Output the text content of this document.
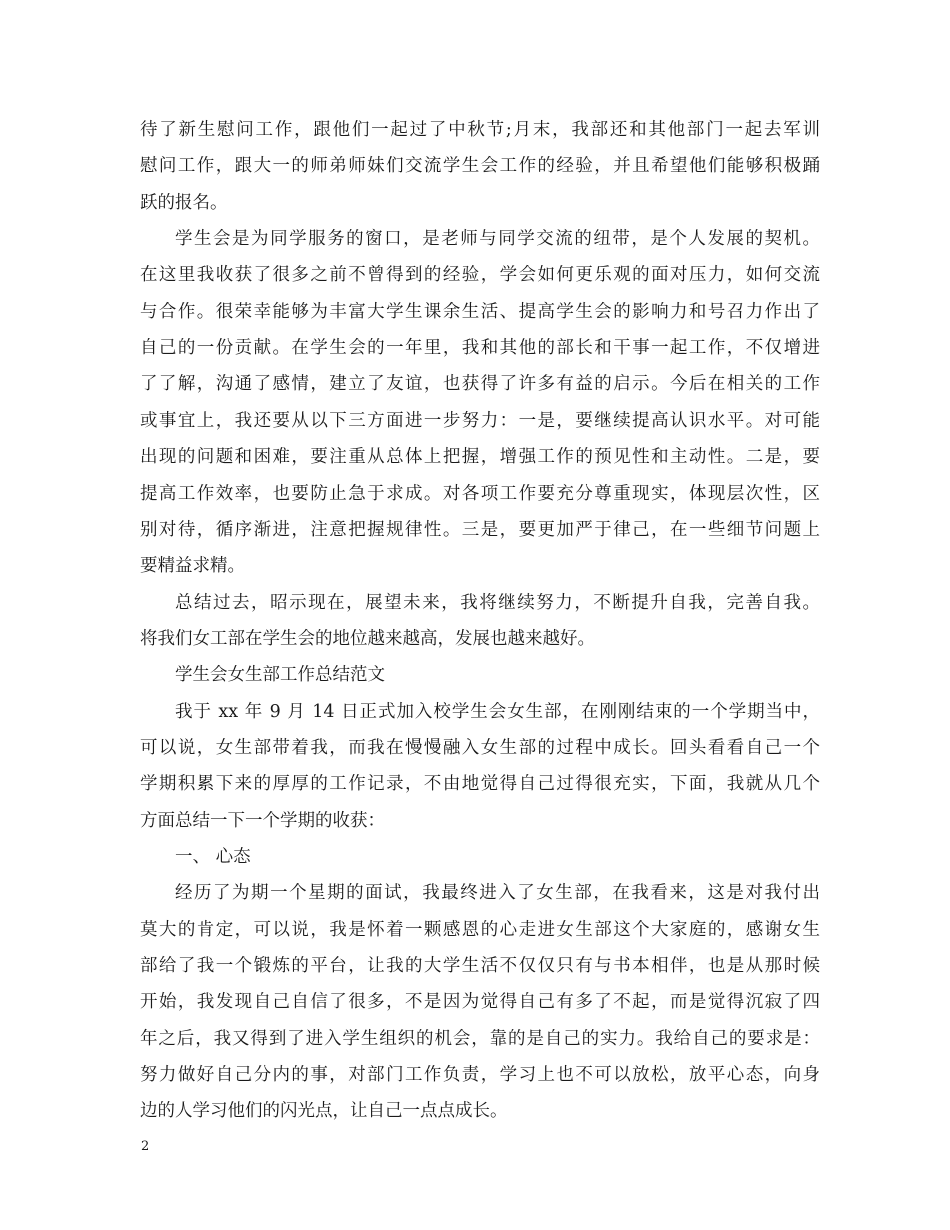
待了新生慰问工作，跟他们一起过了中秋节;月末，我部还和其他部门一起去军训
慰问工作，跟大一的师弟师妹们交流学生会工作的经验，并且希望他们能够积极踊
跃的报名。
学生会是为同学服务的窗口，是老师与同学交流的纽带，是个人发展的契机。
在这里我收获了很多之前不曾得到的经验，学会如何更乐观的面对压力，如何交流
与合作。很荣幸能够为丰富大学生课余生活、提高学生会的影响力和号召力作出了
自己的一份贡献。在学生会的一年里，我和其他的部长和干事一起工作，不仅增进
了了解，沟通了感情，建立了友谊，也获得了许多有益的启示。今后在相关的工作
或事宜上，我还要从以下三方面进一步努力：一是，要继续提高认识水平。对可能
出现的问题和困难，要注重从总体上把握，增强工作的预见性和主动性。二是，要
提高工作效率，也要防止急于求成。对各项工作要充分尊重现实，体现层次性，区
别对待，循序渐进，注意把握规律性。三是，要更加严于律己，在一些细节问题上
要精益求精。
总结过去，昭示现在，展望未来，我将继续努力，不断提升自我，完善自我。
将我们女工部在学生会的地位越来越高，发展也越来越好。
学生会女生部工作总结范文
我于 xx 年 9 月 14 日正式加入校学生会女生部，在刚刚结束的一个学期当中，
可以说，女生部带着我，而我在慢慢融入女生部的过程中成长。回头看看自己一个
学期积累下来的厚厚的工作记录，不由地觉得自己过得很充实，下面，我就从几个
方面总结一下一个学期的收获：
一、 心态
经历了为期一个星期的面试，我最终进入了女生部，在我看来，这是对我付出
莫大的肯定，可以说，我是怀着一颗感恩的心走进女生部这个大家庭的，感谢女生
部给了我一个锻炼的平台，让我的大学生活不仅仅只有与书本相伴，也是从那时候
开始，我发现自己自信了很多，不是因为觉得自己有多了不起，而是觉得沉寂了四
年之后，我又得到了进入学生组织的机会，靠的是自己的实力。我给自己的要求是：
努力做好自己分内的事，对部门工作负责，学习上也不可以放松，放平心态，向身
边的人学习他们的闪光点，让自己一点点成长。
2
